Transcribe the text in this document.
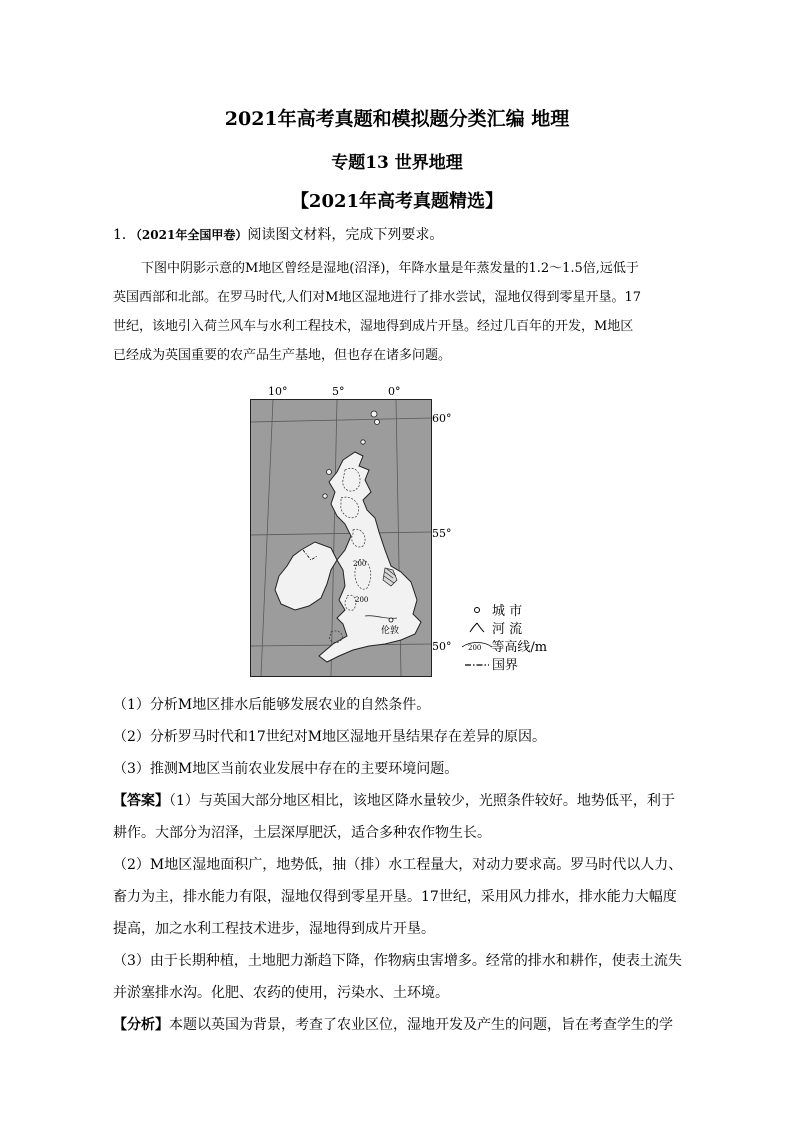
2021年高考真题和模拟题分类汇编 地理
专题13 世界地理
【2021年高考真题精选】
1．（2021年全国甲卷）阅读图文材料，完成下列要求。

下图中阴影示意的M地区曾经是湿地(沼泽)，年降水量是年蒸发量的1.2～1.5倍,远低于

英国西部和北部。在罗马时代,人们对M地区湿地进行了排水尝试，湿地仅得到零星开垦。17

世纪，该地引入荷兰风车与水利工程技术，湿地得到成片开垦。经过几百年的开发，M地区

已经成为英国重要的农产品生产基地，但也存在诸多问题。

10°	5°	0°
60°
55°
50°
伦敦
200
200
城 市
河 流
200 等高线/m
国界
（1）分析M地区排水后能够发展农业的自然条件。
（2）分析罗马时代和17世纪对M地区湿地开垦结果存在差异的原因。
（3）推测M地区当前农业发展中存在的主要环境问题。
【答案】（1）与英国大部分地区相比，该地区降水量较少，光照条件较好。地势低平，利于
耕作。大部分为沼泽，土层深厚肥沃，适合多种农作物生长。
（2）M地区湿地面积广，地势低，抽（排）水工程量大，对动力要求高。罗马时代以人力、
畜力为主，排水能力有限，湿地仅得到零星开垦。17世纪，采用风力排水，排水能力大幅度
提高，加之水利工程技术进步，湿地得到成片开垦。
（3）由于长期种植，土地肥力渐趋下降，作物病虫害增多。经常的排水和耕作，使表土流失
并淤塞排水沟。化肥、农药的使用，污染水、土环境。
【分析】本题以英国为背景，考查了农业区位，湿地开发及产生的问题，旨在考查学生的学
